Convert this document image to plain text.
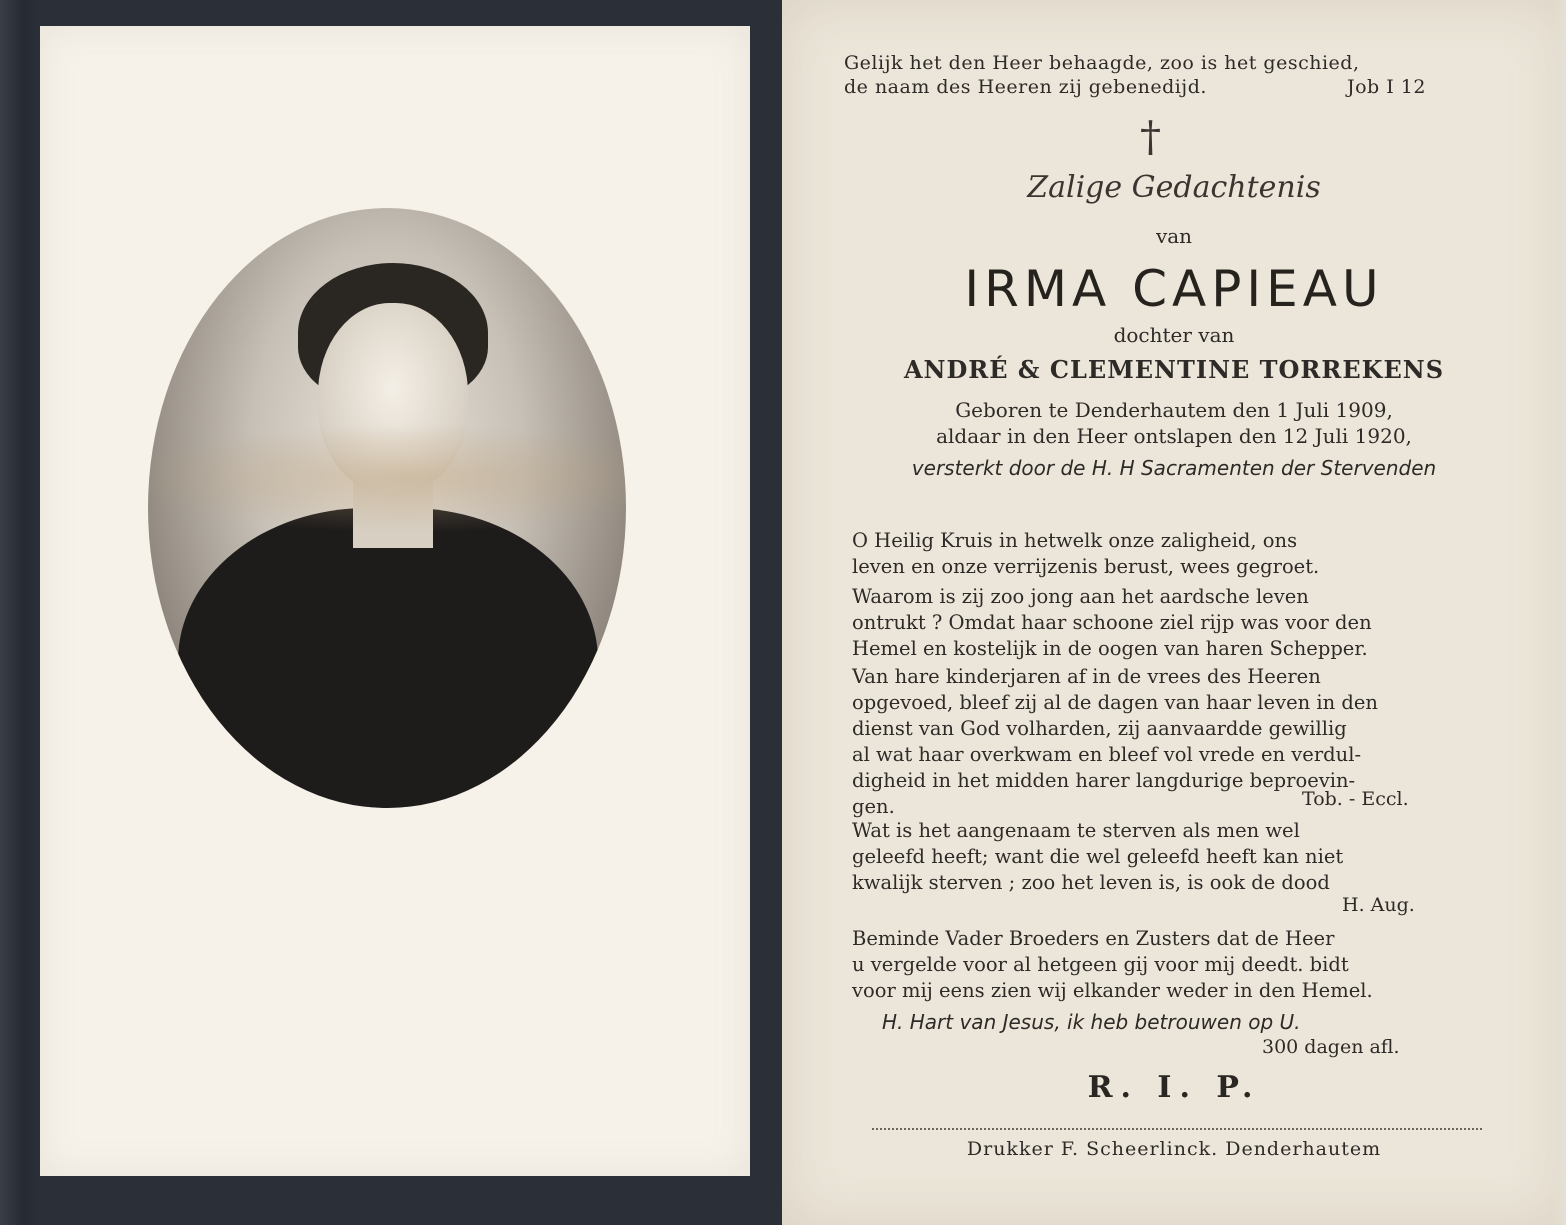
Gelijk het den Heer behaagde, zoo is het geschied,
de naam des Heeren zij gebenedijd.	Job I 12
†
Zalige Gedachtenis
van
IRMA CAPIEAU
dochter van
ANDRÉ & CLEMENTINE TORREKENS
Geboren te Denderhautem den 1 Juli 1909,
aldaar in den Heer ontslapen den 12 Juli 1920,
versterkt door de H. H Sacramenten der Stervenden
O Heilig Kruis in hetwelk onze zaligheid, ons
leven en onze verrijzenis berust, wees gegroet.
Waarom is zij zoo jong aan het aardsche leven
ontrukt ? Omdat haar schoone ziel rijp was voor den
Hemel en kostelijk in de oogen van haren Schepper.
Van hare kinderjaren af in de vrees des Heeren
opgevoed, bleef zij al de dagen van haar leven in den
dienst van God volharden, zij aanvaardde gewillig
al wat haar overkwam en bleef vol vrede en verdul-
digheid in het midden harer langdurige beproevin-
gen.	Tob. - Eccl.
Wat is het aangenaam te sterven als men wel
geleefd heeft; want die wel geleefd heeft kan niet
kwalijk sterven ; zoo het leven is, is ook de dood
H. Aug.
Beminde Vader Broeders en Zusters dat de Heer
u vergelde voor al hetgeen gij voor mij deedt. bidt
voor mij eens zien wij elkander weder in den Hemel.
H. Hart van Jesus, ik heb betrouwen op U.
300 dagen afl.
R. I. P.
Drukker F. Scheerlinck. Denderhautem
